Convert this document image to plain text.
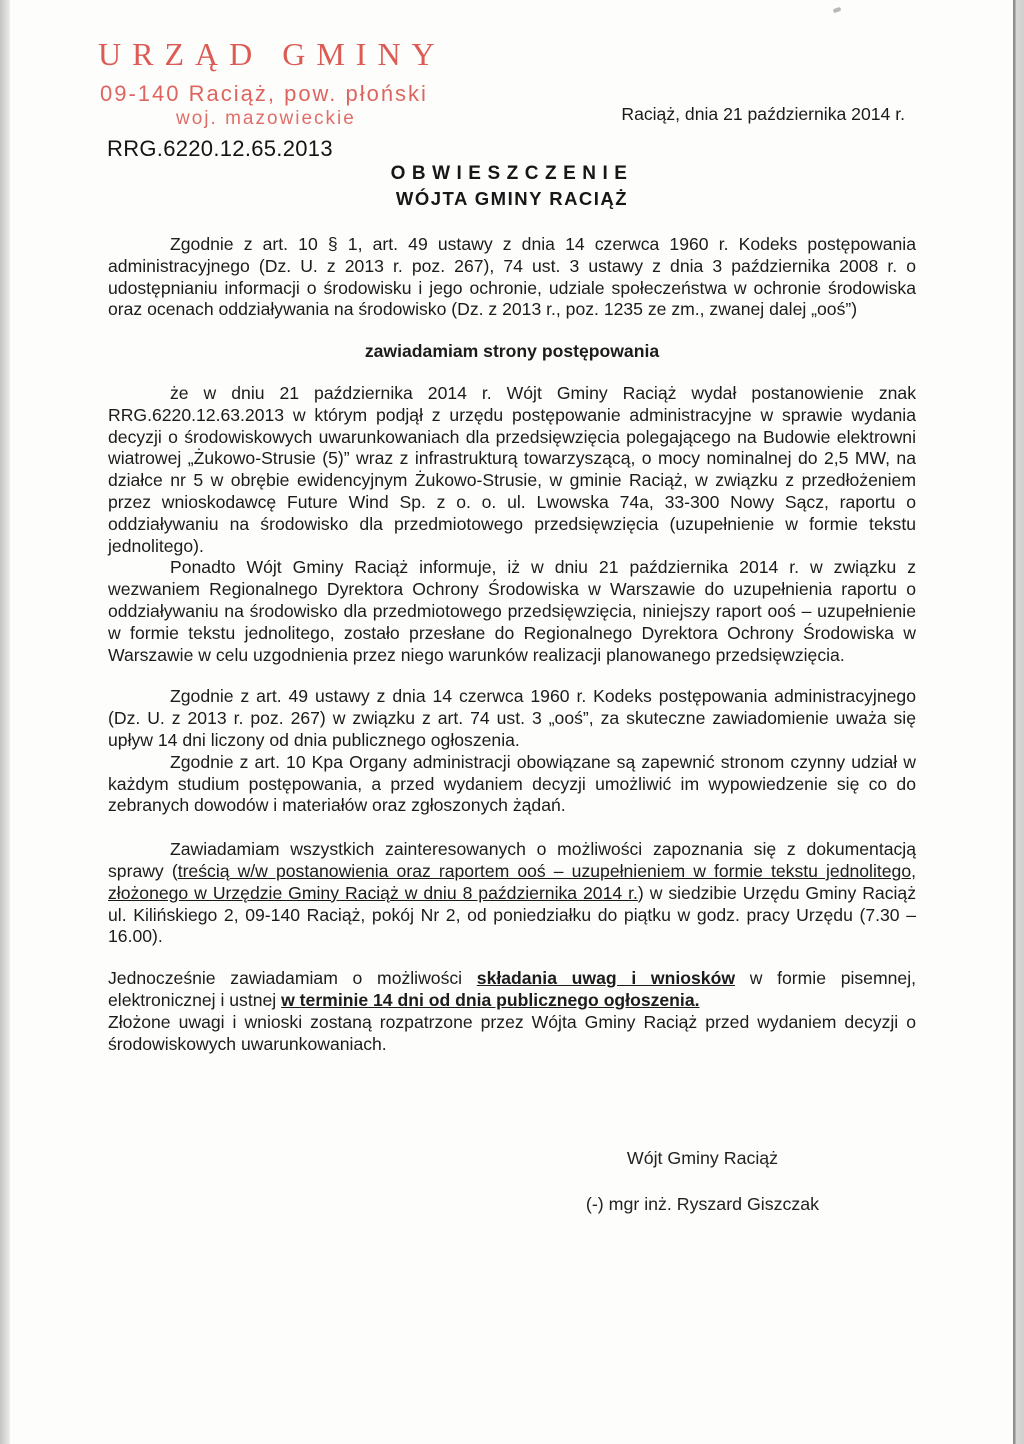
URZĄD GMINY
09-140 Raciąż, pow. płoński
woj. mazowieckie
RRG.6220.12.65.2013
Raciąż, dnia 21 października 2014 r.
OBWIESZCZENIE
WÓJTA GMINY RACIĄŻ

Zgodnie z art. 10 § 1, art. 49 ustawy z dnia 14 czerwca 1960 r. Kodeks postępowania administracyjnego (Dz. U. z 2013 r. poz. 267), 74 ust. 3 ustawy z dnia 3 października 2008 r. o udostępnianiu informacji o środowisku i jego ochronie, udziale społeczeństwa w ochronie środowiska oraz ocenach oddziaływania na środowisko (Dz. z 2013 r., poz. 1235 ze zm., zwanej dalej „ooś”)

zawiadamiam strony postępowania

że w dniu 21 października 2014 r. Wójt Gminy Raciąż wydał postanowienie znak RRG.6220.12.63.2013 w którym podjął z urzędu postępowanie administracyjne w sprawie wydania decyzji o środowiskowych uwarunkowaniach dla przedsięwzięcia polegającego na Budowie elektrowni wiatrowej „Żukowo-Strusie (5)” wraz z infrastrukturą towarzyszącą, o mocy nominalnej do 2,5 MW, na działce nr 5 w obrębie ewidencyjnym Żukowo-Strusie, w gminie Raciąż, w związku z przedłożeniem przez wnioskodawcę Future Wind Sp. z o. o. ul. Lwowska 74a, 33-300 Nowy Sącz, raportu o oddziaływaniu na środowisko dla przedmiotowego przedsięwzięcia (uzupełnienie w formie tekstu jednolitego).

Ponadto Wójt Gminy Raciąż informuje, iż w dniu 21 października 2014 r. w związku z wezwaniem Regionalnego Dyrektora Ochrony Środowiska w Warszawie do uzupełnienia raportu o oddziaływaniu na środowisko dla przedmiotowego przedsięwzięcia, niniejszy raport ooś – uzupełnienie w formie tekstu jednolitego, zostało przesłane do Regionalnego Dyrektora Ochrony Środowiska w Warszawie w celu uzgodnienia przez niego warunków realizacji planowanego przedsięwzięcia.

Zgodnie z art. 49 ustawy z dnia 14 czerwca 1960 r. Kodeks postępowania administracyjnego (Dz. U. z 2013 r. poz. 267) w związku z art. 74 ust. 3 „ooś”, za skuteczne zawiadomienie uważa się upływ 14 dni liczony od dnia publicznego ogłoszenia.

Zgodnie z art. 10 Kpa Organy administracji obowiązane są zapewnić stronom czynny udział w każdym studium postępowania, a przed wydaniem decyzji umożliwić im wypowiedzenie się co do zebranych dowodów i materiałów oraz zgłoszonych żądań.

Zawiadamiam wszystkich zainteresowanych o możliwości zapoznania się z dokumentacją sprawy (treścią w/w postanowienia oraz raportem ooś – uzupełnieniem w formie tekstu jednolitego, złożonego w Urzędzie Gminy Raciąż w dniu 8 października 2014 r.) w siedzibie Urzędu Gminy Raciąż ul. Kilińskiego 2, 09-140 Raciąż, pokój Nr 2, od poniedziałku do piątku w godz. pracy Urzędu (7.30 – 16.00).

Jednocześnie zawiadamiam o możliwości składania uwag i wniosków w formie pisemnej, elektronicznej i ustnej w terminie 14 dni od dnia publicznego ogłoszenia.

Złożone uwagi i wnioski zostaną rozpatrzone przez Wójta Gminy Raciąż przed wydaniem decyzji o środowiskowych uwarunkowaniach.

Wójt Gminy Raciąż
(-) mgr inż. Ryszard Giszczak
